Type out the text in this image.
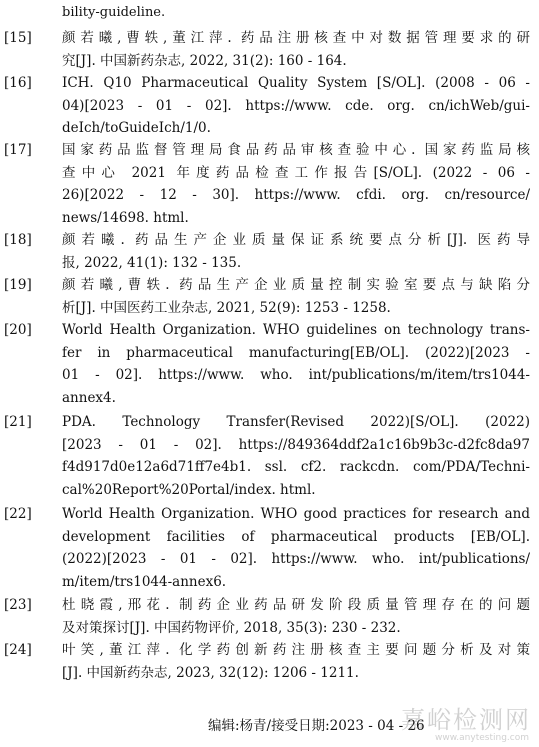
bility-guideline.
[15]	颜若曦,曹轶,董江萍. 药品注册核查中对数据管理要求的研
究[J]. 中国新药杂志, 2022, 31(2): 160 - 164.
[16]	ICH. Q10 Pharmaceutical Quality System [S/OL]. (2008 - 06 -
04)[2023 - 01 - 02]. https://www. cde. org. cn/ichWeb/gui-
deIch/toGuideIch/1/0.
[17]	国家药品监督管理局食品药品审核查验中心. 国家药监局核
查中心 2021 年度药品检查工作报告[S/OL]. (2022 - 06 -
26)[2022 - 12 - 30]. https://www. cfdi. org. cn/resource/
news/14698. html.
[18]	颜若曦. 药品生产企业质量保证系统要点分析[J]. 医药导
报, 2022, 41(1): 132 - 135.
[19]	颜若曦,曹轶. 药品生产企业质量控制实验室要点与缺陷分
析[J]. 中国医药工业杂志, 2021, 52(9): 1253 - 1258.
[20]	World Health Organization. WHO guidelines on technology trans-
fer in pharmaceutical manufacturing[EB/OL]. (2022)[2023 -
01 - 02]. https://www. who. int/publications/m/item/trs1044-
annex4.
[21]	PDA. Technology Transfer(Revised 2022)[S/OL]. (2022)
[2023 - 01 - 02]. https://849364ddf2a1c16b9b3c-d2fc8da97
f4d917d0e12a6d71ff7e4b1. ssl. cf2. rackcdn. com/PDA/Techni-
cal%20Report%20Portal/index. html.
[22]	World Health Organization. WHO good practices for research and
development facilities of pharmaceutical products [EB/OL].
(2022)[2023 - 01 - 02]. https://www. who. int/publications/
m/item/trs1044-annex6.
[23]	杜晓霞,邢花. 制药企业药品研发阶段质量管理存在的问题
及对策探讨[J]. 中国药物评价, 2018, 35(3): 230 - 232.
[24]	叶笑,董江萍. 化学药创新药注册核查主要问题分析及对策
[J]. 中国新药杂志, 2023, 32(12): 1206 - 1211.
编辑:杨青/接受日期:2023 - 04 - 26
嘉峪检测网
www.anytesting.com
